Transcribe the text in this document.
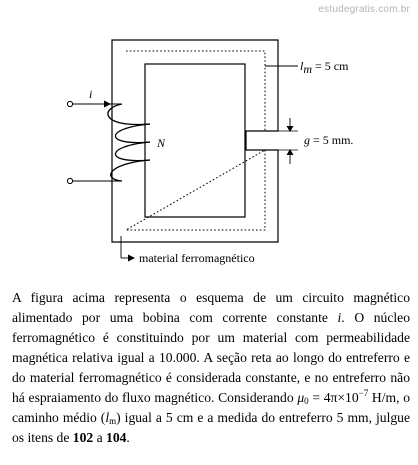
estudegratis.com.br
lm = 5 cm
g = 5 mm.
i
N
material ferromagnético

A figura acima representa o esquema de um circuito magnético alimentado por uma bobina com corrente constante i. O núcleo ferromagnético é constituindo por um material com permeabilidade magnética relativa igual a 10.000. A seção reta ao longo do entreferro e do material ferromagnético é considerada constante, e no entreferro não há espraiamento do fluxo magnético. Considerando $\mu_0 = 4\pi\times 10^{-7}$ H/m, o caminho médio $(l_m)$ igual a 5 cm e a medida do entreferro 5 mm, julgue os itens de 102 a 104.
